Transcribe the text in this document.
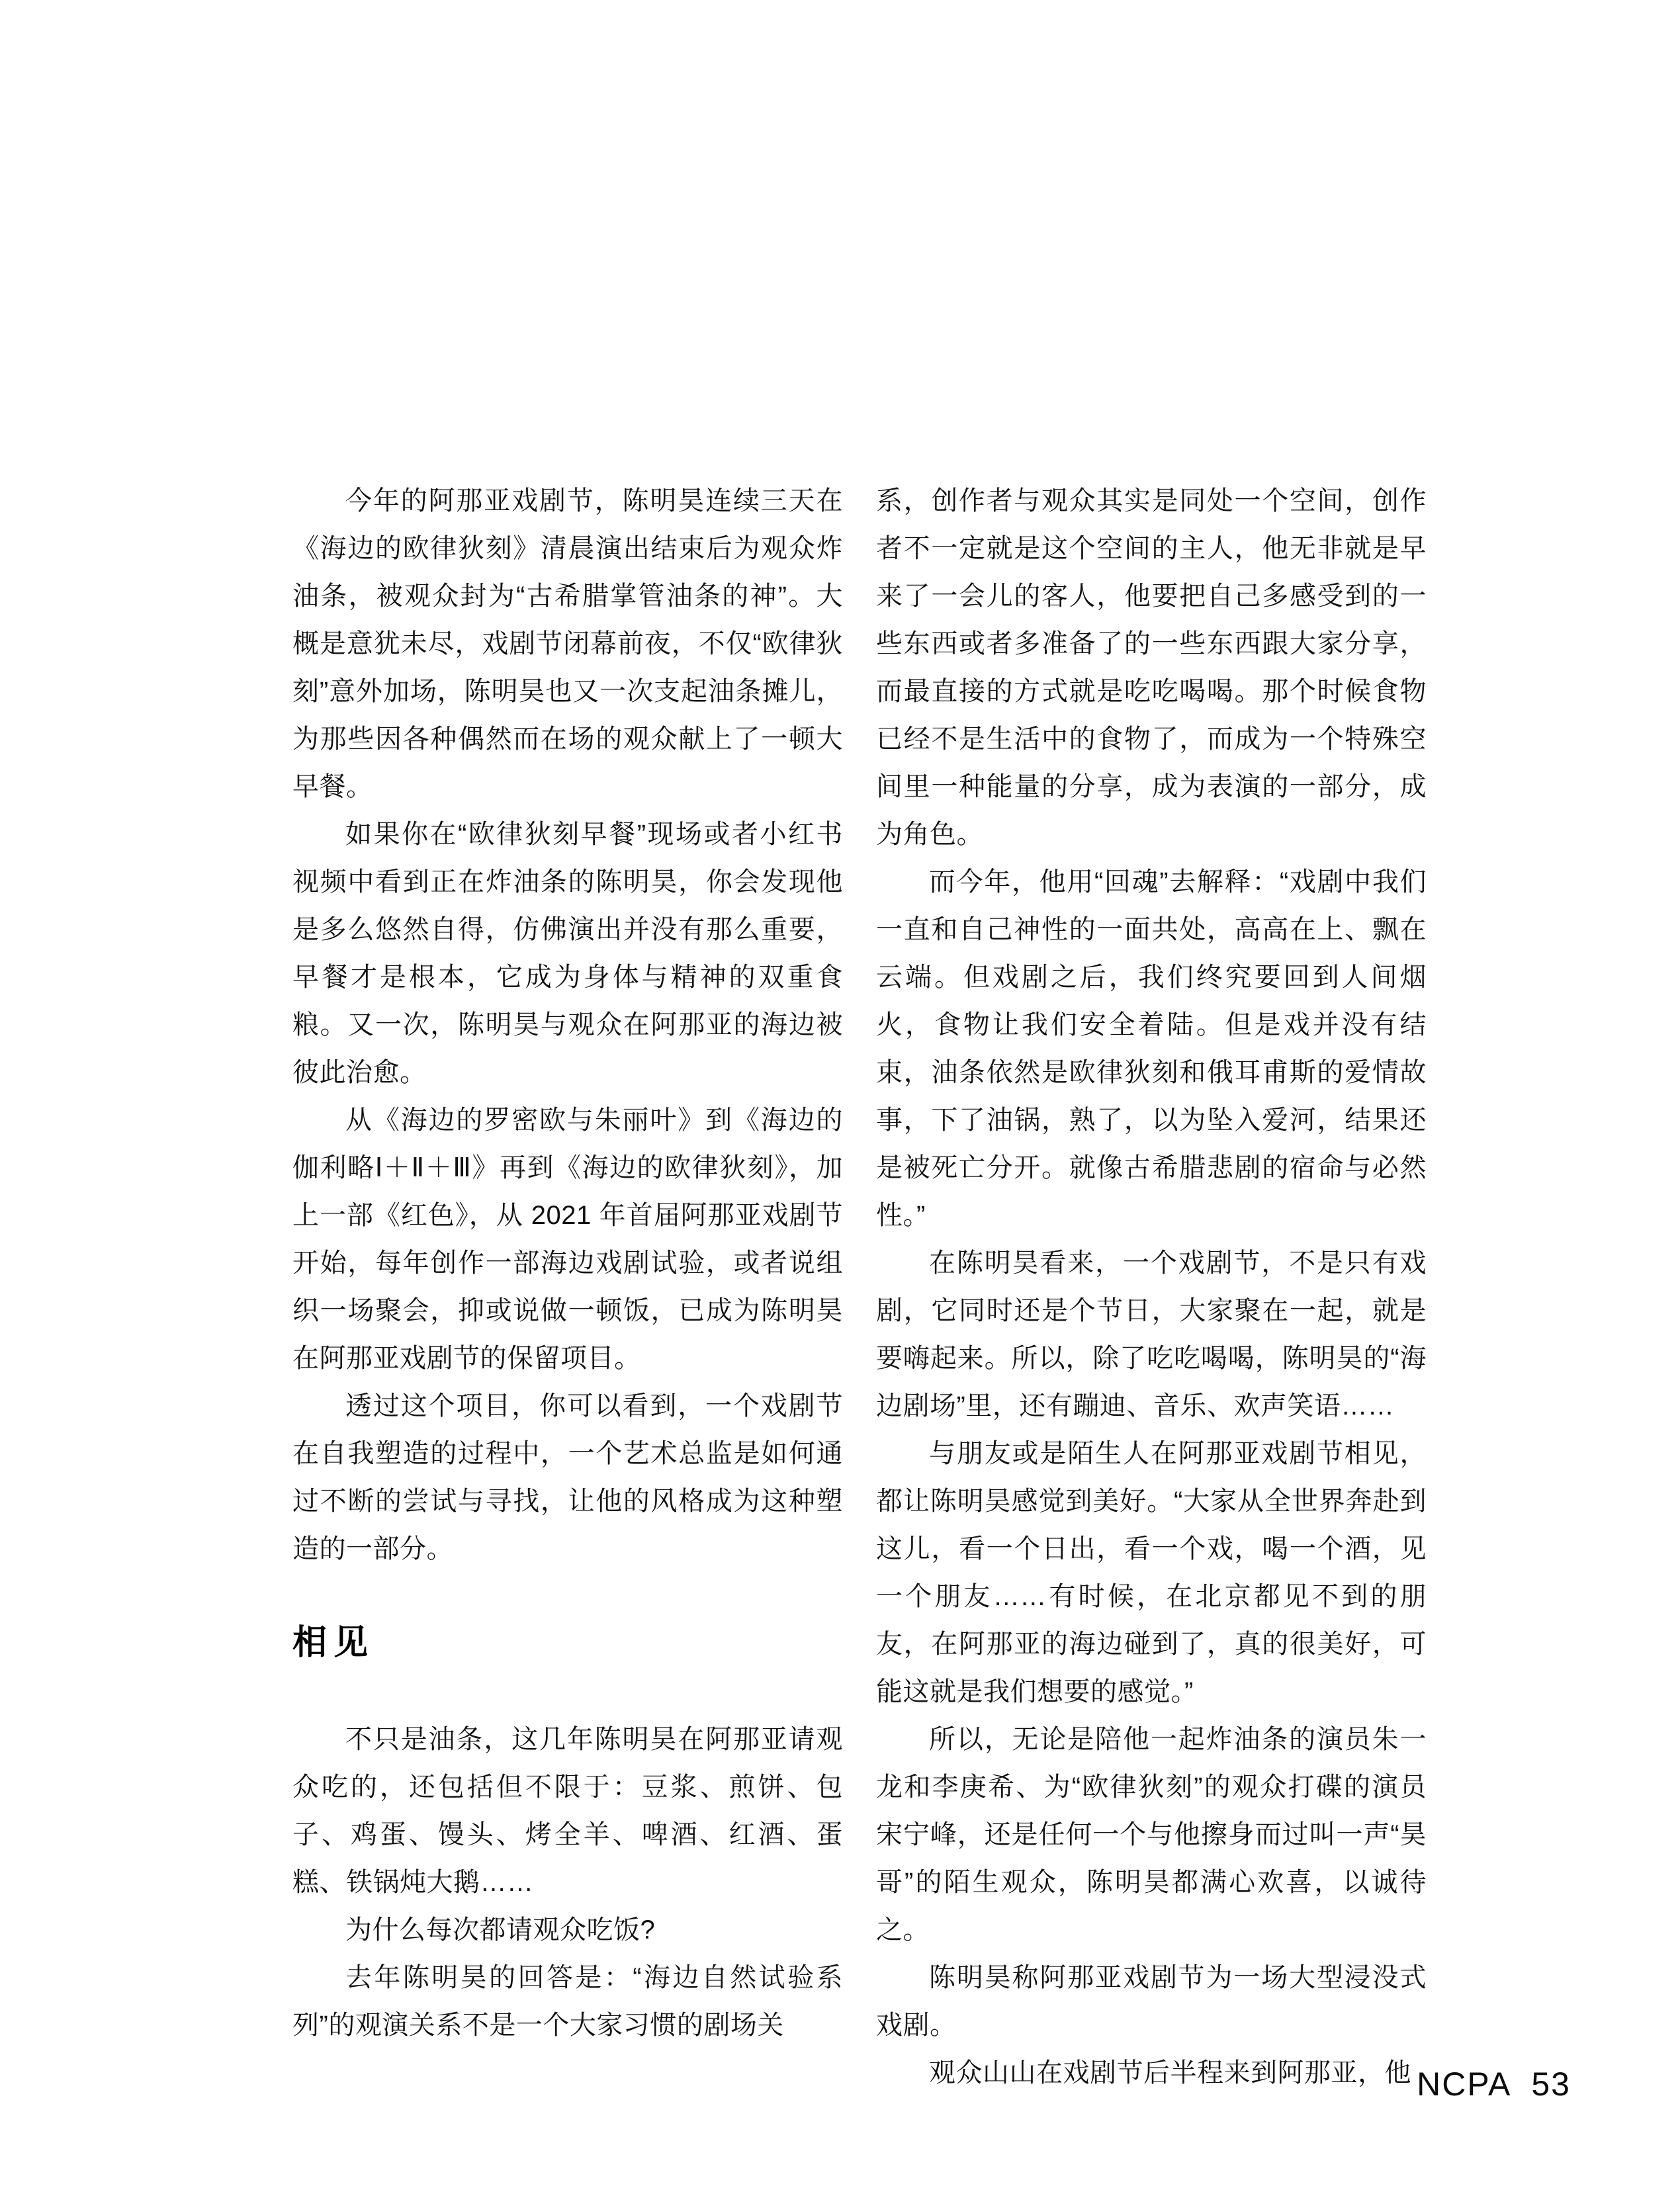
今年的阿那亚戏剧节，陈明昊连续三天在《海边的欧律狄刻》清晨演出结束后为观众炸油条，被观众封为“古希腊掌管油条的神”。大概是意犹未尽，戏剧节闭幕前夜，不仅“欧律狄刻”意外加场，陈明昊也又一次支起油条摊儿，为那些因各种偶然而在场的观众献上了一顿大早餐。

如果你在“欧律狄刻早餐”现场或者小红书视频中看到正在炸油条的陈明昊，你会发现他是多么悠然自得，仿佛演出并没有那么重要，早餐才是根本，它成为身体与精神的双重食粮。又一次，陈明昊与观众在阿那亚的海边被彼此治愈。

从《海边的罗密欧与朱丽叶》到《海边的伽利略Ⅰ＋Ⅱ＋Ⅲ》再到《海边的欧律狄刻》，加上一部《红色》，从 2021 年首届阿那亚戏剧节开始，每年创作一部海边戏剧试验，或者说组织一场聚会，抑或说做一顿饭，已成为陈明昊在阿那亚戏剧节的保留项目。

透过这个项目，你可以看到，一个戏剧节在自我塑造的过程中，一个艺术总监是如何通过不断的尝试与寻找，让他的风格成为这种塑造的一部分。

相见

不只是油条，这几年陈明昊在阿那亚请观众吃的，还包括但不限于：豆浆、煎饼、包子、鸡蛋、馒头、烤全羊、啤酒、红酒、蛋糕、铁锅炖大鹅……

为什么每次都请观众吃饭?

去年陈明昊的回答是：“海边自然试验系列”的观演关系不是一个大家习惯的剧场关

系，创作者与观众其实是同处一个空间，创作者不一定就是这个空间的主人，他无非就是早来了一会儿的客人，他要把自己多感受到的一些东西或者多准备了的一些东西跟大家分享，而最直接的方式就是吃吃喝喝。那个时候食物已经不是生活中的食物了，而成为一个特殊空间里一种能量的分享，成为表演的一部分，成为角色。

而今年，他用“回魂”去解释：“戏剧中我们一直和自己神性的一面共处，高高在上、飘在云端。但戏剧之后，我们终究要回到人间烟火，食物让我们安全着陆。但是戏并没有结束，油条依然是欧律狄刻和俄耳甫斯的爱情故事，下了油锅，熟了，以为坠入爱河，结果还是被死亡分开。就像古希腊悲剧的宿命与必然性。”

在陈明昊看来，一个戏剧节，不是只有戏剧，它同时还是个节日，大家聚在一起，就是要嗨起来。所以，除了吃吃喝喝，陈明昊的“海边剧场”里，还有蹦迪、音乐、欢声笑语……

与朋友或是陌生人在阿那亚戏剧节相见，都让陈明昊感觉到美好。“大家从全世界奔赴到这儿，看一个日出，看一个戏，喝一个酒，见一个朋友……有时候，在北京都见不到的朋友，在阿那亚的海边碰到了，真的很美好，可能这就是我们想要的感觉。”

所以，无论是陪他一起炸油条的演员朱一龙和李庚希、为“欧律狄刻”的观众打碟的演员宋宁峰，还是任何一个与他擦身而过叫一声“昊哥”的陌生观众，陈明昊都满心欢喜，以诚待之。

陈明昊称阿那亚戏剧节为一场大型浸没式戏剧。

观众山山在戏剧节后半程来到阿那亚，他 NCPA 53
